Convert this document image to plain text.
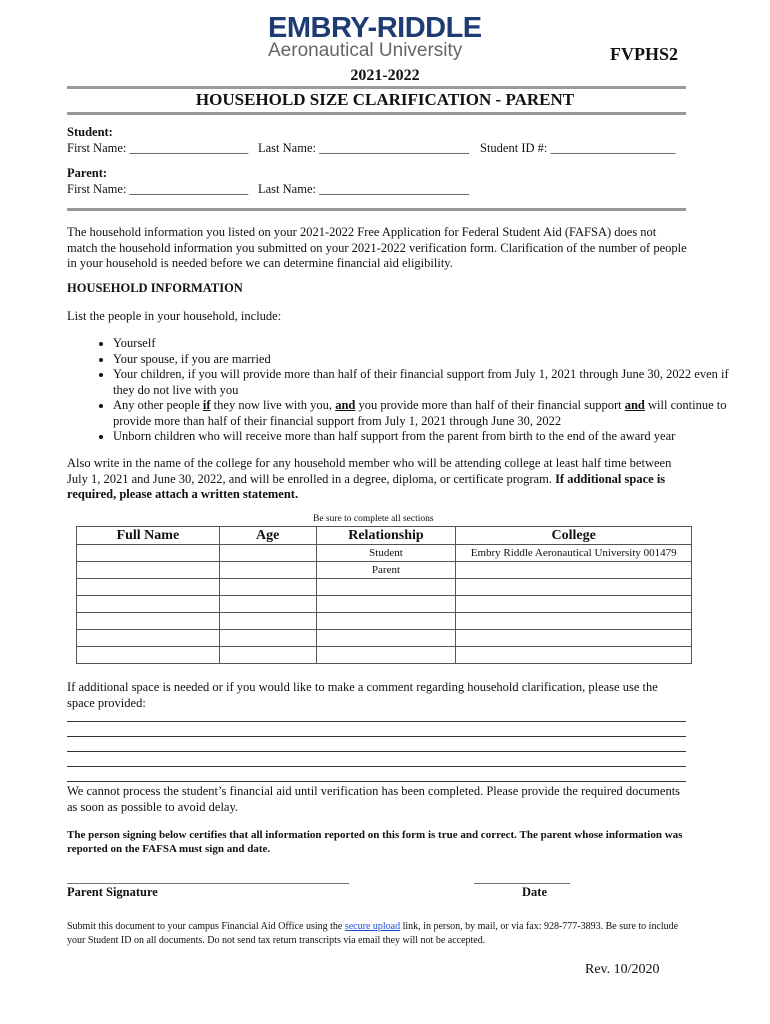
EMBRY-RIDDLE
Aeronautical University	FVPHS2
2021-2022
HOUSEHOLD SIZE CLARIFICATION - PARENT
Student:
First Name: ___________________ Last Name: ________________________ Student ID #: ____________________
Parent:
First Name: ___________________ Last Name: ________________________
The household information you listed on your 2021-2022 Free Application for Federal Student Aid (FAFSA) does not match the household information you submitted on your 2021-2022 verification form. Clarification of the number of people in your household is needed before we can determine financial aid eligibility.
HOUSEHOLD INFORMATION
List the people in your household, include:
• Yourself
• Your spouse, if you are married
• Your children, if you will provide more than half of their financial support from July 1, 2021 through June 30, 2022 even if they do not live with you
• Any other people if they now live with you, and you provide more than half of their financial support and will continue to provide more than half of their financial support from July 1, 2021 through June 30, 2022
• Unborn children who will receive more than half support from the parent from birth to the end of the award year
Also write in the name of the college for any household member who will be attending college at least half time between July 1, 2021 and June 30, 2022, and will be enrolled in a degree, diploma, or certificate program. If additional space is required, please attach a written statement.
Be sure to complete all sections
Full Name	Age	Relationship	College
		Student	Embry Riddle Aeronautical University 001479
		Parent	

If additional space is needed or if you would like to make a comment regarding household clarification, please use the space provided:
We cannot process the student’s financial aid until verification has been completed. Please provide the required documents as soon as possible to avoid delay.
The person signing below certifies that all information reported on this form is true and correct. The parent whose information was reported on the FAFSA must sign and date.
_______________________________________________
Parent Signature
________________
Date
Submit this document to your campus Financial Aid Office using the secure upload link, in person, by mail, or via fax: 928-777-3893. Be sure to include your Student ID on all documents. Do not send tax return transcripts via email they will not be accepted.
Rev. 10/2020
